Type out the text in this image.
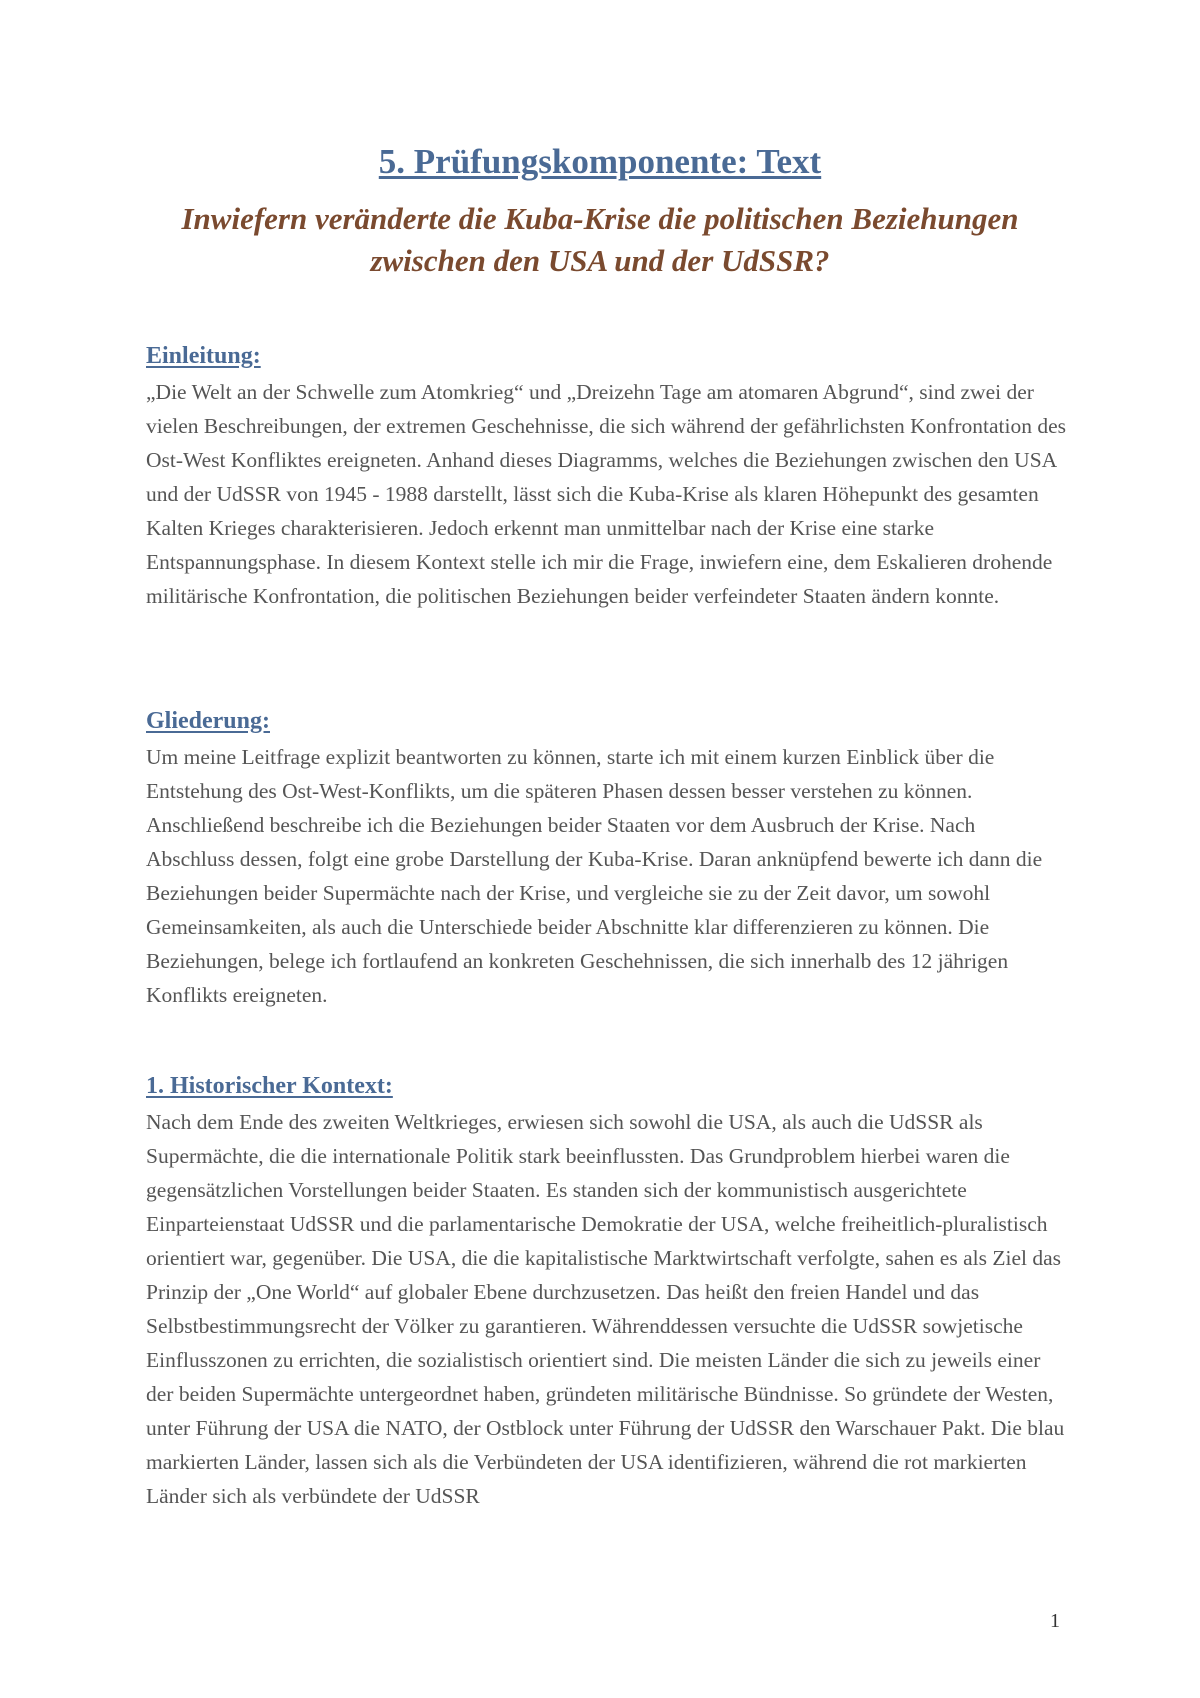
5. Prüfungskomponente: Text
Inwiefern veränderte die Kuba-Krise die politischen Beziehungen zwischen den USA und der UdSSR?
Einleitung:

„Die Welt an der Schwelle zum Atomkrieg“ und „Dreizehn Tage am atomaren Abgrund“, sind zwei der vielen Beschreibungen, der extremen Geschehnisse, die sich während der gefährlichsten Konfrontation des Ost-West Konfliktes ereigneten. Anhand dieses Diagramms, welches die Beziehungen zwischen den USA und der UdSSR von 1945 - 1988 darstellt, lässt sich die Kuba-Krise als klaren Höhepunkt des gesamten Kalten Krieges charakterisieren. Jedoch erkennt man unmittelbar nach der Krise eine starke Entspannungsphase. In diesem Kontext stelle ich mir die Frage, inwiefern eine, dem Eskalieren drohende militärische Konfrontation, die politischen Beziehungen beider verfeindeter Staaten ändern konnte.

Gliederung:

Um meine Leitfrage explizit beantworten zu können, starte ich mit einem kurzen Einblick über die Entstehung des Ost-West-Konflikts, um die späteren Phasen dessen besser verstehen zu können. Anschließend beschreibe ich die Beziehungen beider Staaten vor dem Ausbruch der Krise. Nach Abschluss dessen, folgt eine grobe Darstellung der Kuba-Krise. Daran anknüpfend bewerte ich dann die Beziehungen beider Supermächte nach der Krise, und vergleiche sie zu der Zeit davor, um sowohl Gemeinsamkeiten, als auch die Unterschiede beider Abschnitte klar differenzieren zu können. Die Beziehungen, belege ich fortlaufend an konkreten Geschehnissen, die sich innerhalb des 12 jährigen Konflikts ereigneten.

1. Historischer Kontext:

Nach dem Ende des zweiten Weltkrieges, erwiesen sich sowohl die USA, als auch die UdSSR als Supermächte, die die internationale Politik stark beeinflussten. Das Grundproblem hierbei waren die gegensätzlichen Vorstellungen beider Staaten. Es standen sich der kommunistisch ausgerichtete Einparteienstaat UdSSR und die parlamentarische Demokratie der USA, welche freiheitlich-pluralistisch orientiert war, gegenüber. Die USA, die die kapitalistische Marktwirtschaft verfolgte, sahen es als Ziel das Prinzip der „One World“ auf globaler Ebene durchzusetzen. Das heißt den freien Handel und das Selbstbestimmungsrecht der Völker zu garantieren. Währenddessen versuchte die UdSSR sowjetische Einflusszonen zu errichten, die sozialistisch orientiert sind. Die meisten Länder die sich zu jeweils einer der beiden Supermächte untergeordnet haben, gründeten militärische Bündnisse. So gründete der Westen, unter Führung der USA die NATO, der Ostblock unter Führung der UdSSR den Warschauer Pakt. Die blau markierten Länder, lassen sich als die Verbündeten der USA identifizieren, während die rot markierten Länder sich als verbündete der UdSSR

1
